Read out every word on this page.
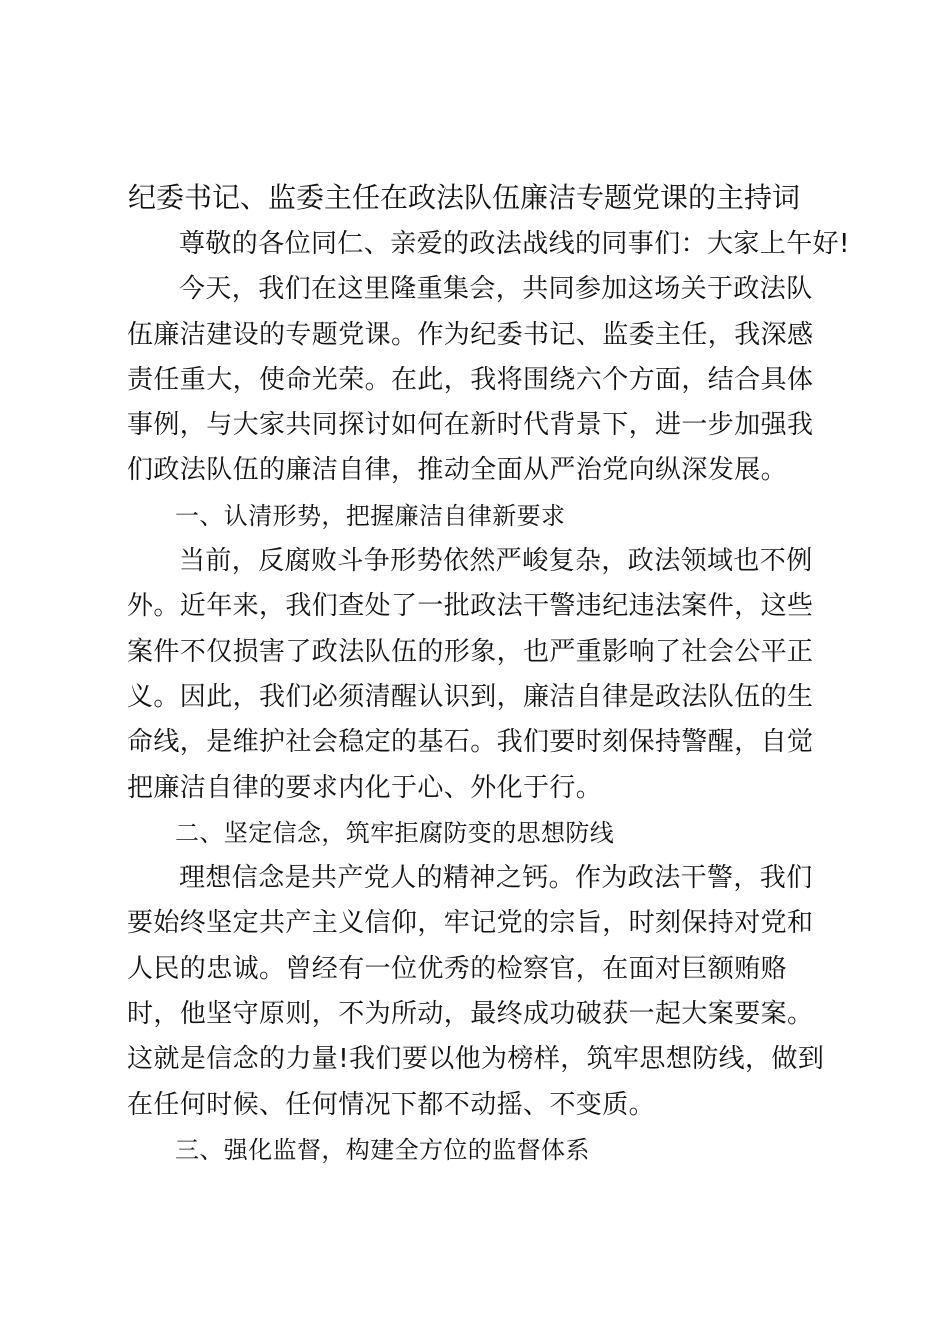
纪委书记、监委主任在政法队伍廉洁专题党课的主持词

尊敬的各位同仁、亲爱的政法战线的同事们：大家上午好!

今天，我们在这里隆重集会，共同参加这场关于政法队伍廉洁建设的专题党课。作为纪委书记、监委主任，我深感责任重大，使命光荣。在此，我将围绕六个方面，结合具体事例，与大家共同探讨如何在新时代背景下，进一步加强我们政法队伍的廉洁自律，推动全面从严治党向纵深发展。

一、认清形势，把握廉洁自律新要求

当前，反腐败斗争形势依然严峻复杂，政法领域也不例外。近年来，我们查处了一批政法干警违纪违法案件，这些案件不仅损害了政法队伍的形象，也严重影响了社会公平正义。因此，我们必须清醒认识到，廉洁自律是政法队伍的生命线，是维护社会稳定的基石。我们要时刻保持警醒，自觉把廉洁自律的要求内化于心、外化于行。

二、坚定信念，筑牢拒腐防变的思想防线

理想信念是共产党人的精神之钙。作为政法干警，我们要始终坚定共产主义信仰，牢记党的宗旨，时刻保持对党和人民的忠诚。曾经有一位优秀的检察官，在面对巨额贿赂时，他坚守原则，不为所动，最终成功破获一起大案要案。这就是信念的力量!我们要以他为榜样，筑牢思想防线，做到在任何时候、任何情况下都不动摇、不变质。

三、强化监督，构建全方位的监督体系
